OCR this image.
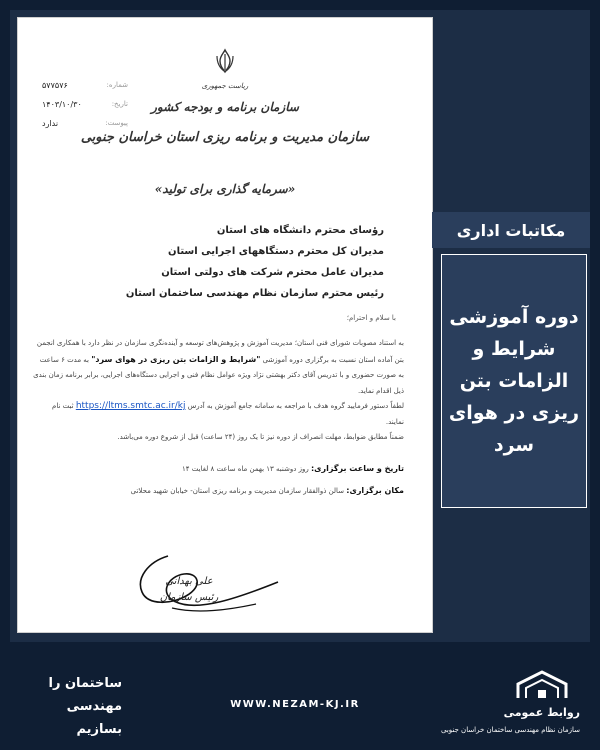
ریاست جمهوری
سازمان برنامه و بودجه کشور
سازمان مدیریت و برنامه ریزی استان خراسان جنوبی
شماره:
۵۷۷۵۷۶
تاریخ:
۱۴۰۳/۱۰/۳۰
پیوست:
ندارد
«سرمایه گذاری برای تولید»
رؤسای محترم دانشگاه های استان
مدیران کل محترم دستگاههای اجرایی استان
مدیران عامل محترم شرکت های دولتی استان
رئیس محترم سازمان نظام مهندسی ساختمان استان
با سلام و احترام؛

به استناد مصوبات شورای فنی استان؛ مدیریت آموزش و پژوهش‌های توسعه و آینده‌نگری سازمان در نظر دارد با همکاری انجمن بتن آماده استان نسبت به برگزاری دوره آموزشی "شرایط و الزامات بتن ریزی در هوای سرد" به مدت ۶ ساعت به صورت حضوری و با تدریس آقای دکتر بهشتی نژاد ویژه عوامل نظام فنی و اجرایی دستگاه‌های اجرایی، برابر برنامه زمان بندی ذیل اقدام نماید.

لطفاً دستور فرمایید گروه هدف با مراجعه به سامانه جامع آموزش به آدرس https://ltms.smtc.ac.ir/kj ثبت نام نمایند.

ضمناً مطابق ضوابط، مهلت انصراف از دوره نیز تا یک روز (۲۴ ساعت) قبل از شروع دوره می‌باشد.

تاریخ و ساعت برگزاری: روز دوشنبه ۱۳ بهمن ماه ساعت ۸ لغایت ۱۴
مکان برگزاری: سالن ذوالفقار سازمان مدیریت و برنامه ریزی استان- خیابان شهید محلاتی
علی بهدانی
رئیس سازمان
مکاتبات اداری
دوره آموزشی شرایط و الزامات بتن ریزی در هوای سرد
ساختمان را
مهندسی
بسازیم
WWW.NEZAM-KJ.IR
روابط عمومی
سازمان نظام مهندسی ساختمان خراسان جنوبی
